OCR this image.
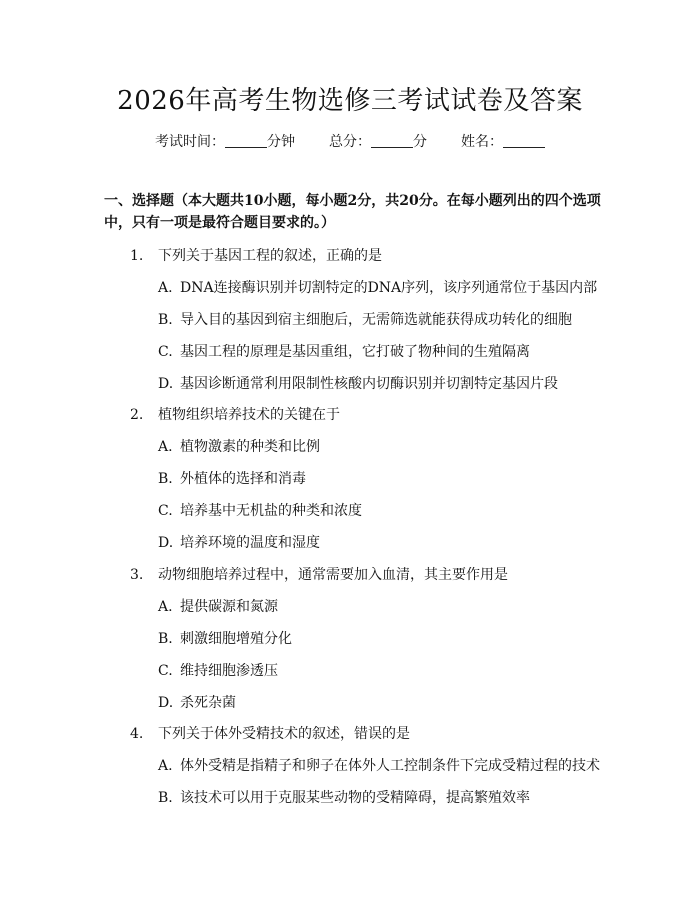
2026年高考生物选修三考试试卷及答案
考试时间：	分钟 总分：	分 姓名：
一、选择题（本大题共10小题，每小题2分，共20分。在每小题列出的四个选项中，只有一项是最符合题目要求的。）
1. 下列关于基因工程的叙述，正确的是
A. DNA连接酶识别并切割特定的DNA序列，该序列通常位于基因内部
B. 导入目的基因到宿主细胞后，无需筛选就能获得成功转化的细胞
C. 基因工程的原理是基因重组，它打破了物种间的生殖隔离
D. 基因诊断通常利用限制性核酸内切酶识别并切割特定基因片段
2. 植物组织培养技术的关键在于
A. 植物激素的种类和比例
B. 外植体的选择和消毒
C. 培养基中无机盐的种类和浓度
D. 培养环境的温度和湿度
3. 动物细胞培养过程中，通常需要加入血清，其主要作用是
A. 提供碳源和氮源
B. 刺激细胞增殖分化
C. 维持细胞渗透压
D. 杀死杂菌
4. 下列关于体外受精技术的叙述，错误的是
A. 体外受精是指精子和卵子在体外人工控制条件下完成受精过程的技术
B. 该技术可以用于克服某些动物的受精障碍，提高繁殖效率
